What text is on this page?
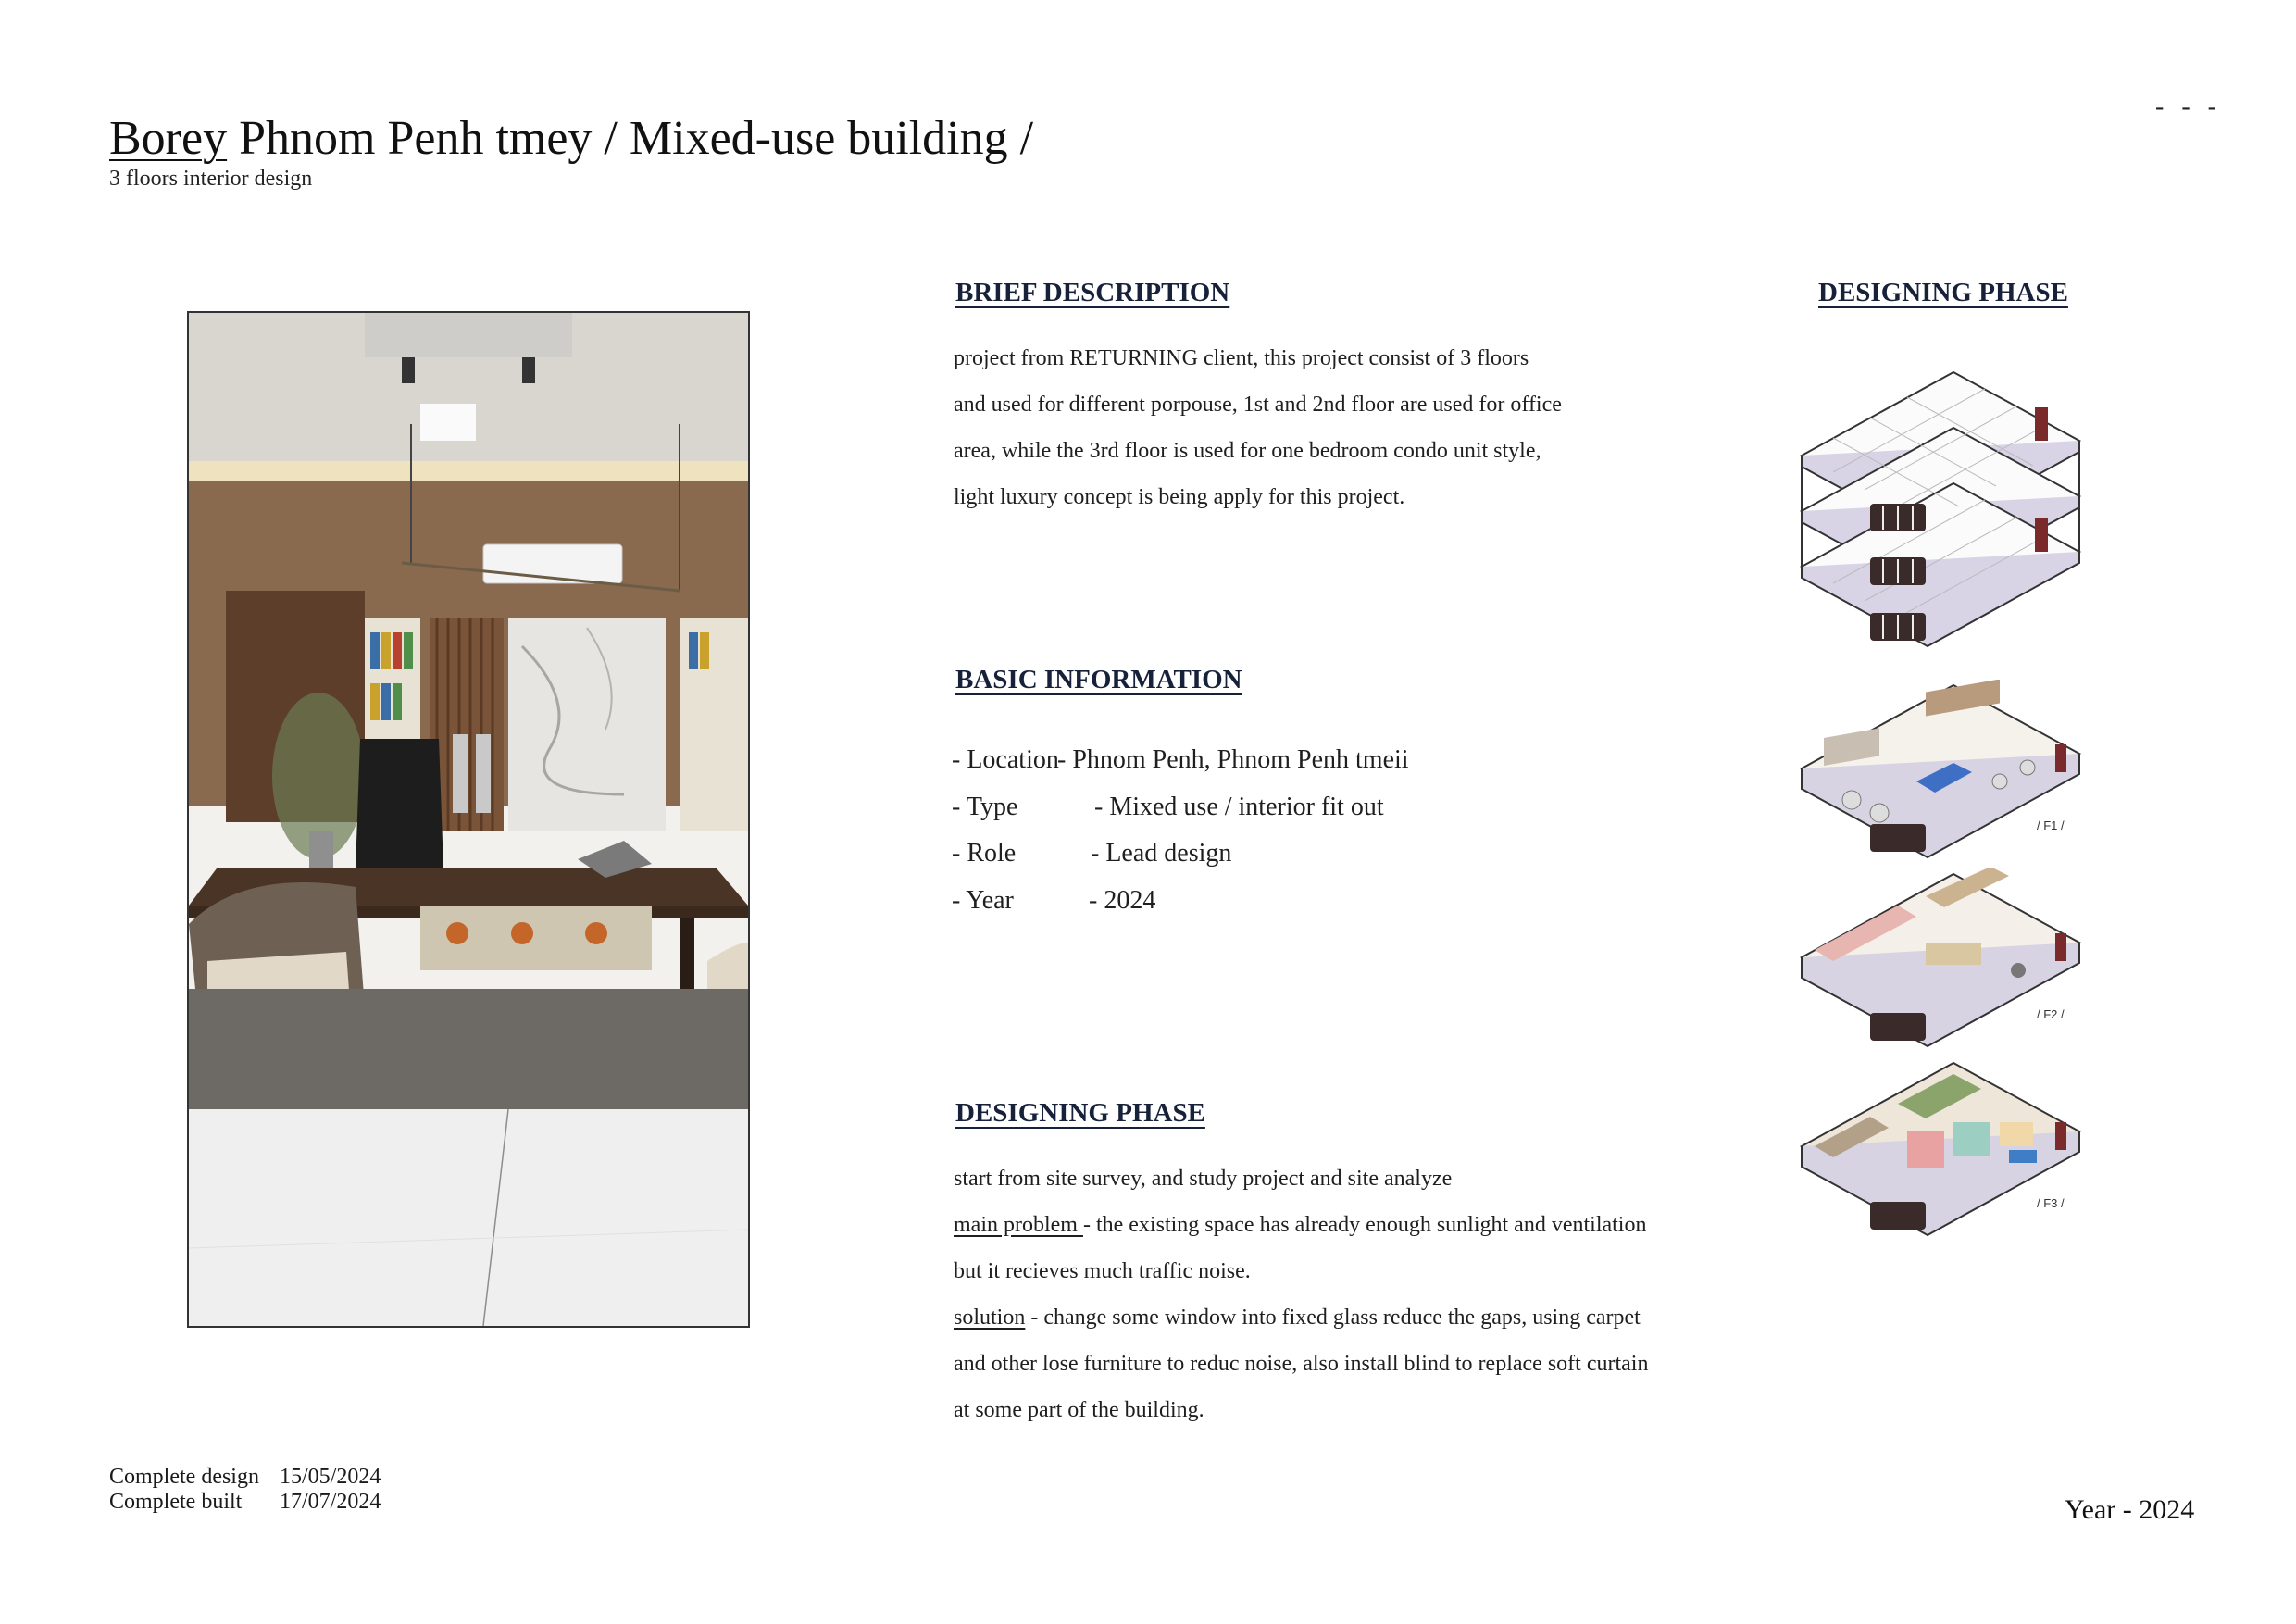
Borey Phnom Penh tmey / Mixed-use building /
3 floors interior design
- - -
BRIEF DESCRIPTION

project from RETURNING client, this project consist of 3 floors

and used for different porpouse, 1st and 2nd floor are used for office

area, while the 3rd floor is used for one bedroom condo unit style,

light luxury concept is being apply for this project.

BASIC INFORMATION
- Location
- Phnom Penh, Phnom Penh tmeii
- Type	- Mixed use / interior fit out
- Role	- Lead design
- Year	- 2024
DESIGNING PHASE

start from site survey, and study project and site analyze

main problem - the existing space has already enough sunlight and ventilation

but it recieves much traffic noise.

solution - change some window into fixed glass reduce the gaps, using carpet

and other lose furniture to reduc noise, also install blind to replace soft curtain

at some part of the building.

DESIGNING PHASE
/ F1 /
/ F2 /
/ F3 /
Complete design 15/05/2024
Complete built	17/07/2024	Year - 2024
